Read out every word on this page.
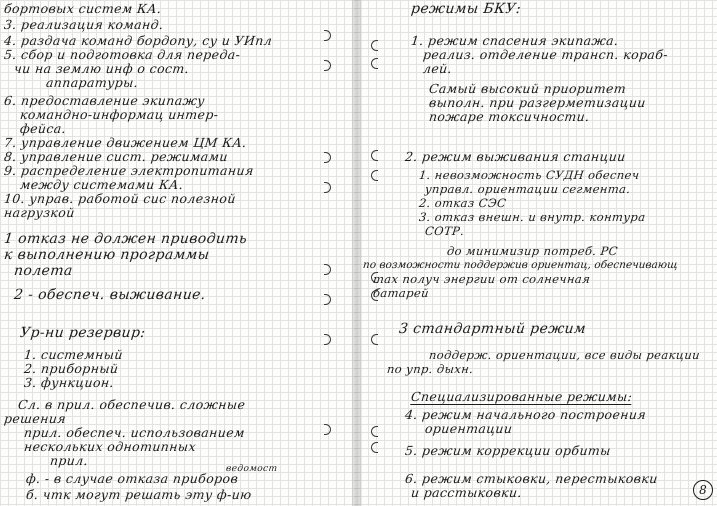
бортовых систем КА.
3. реализация команд.
4. раздача команд бордопу, су и УИпл
5. сбор и подготовка для переда-
чи на землю инф о сост.
аппаратуры.
6. предоставление экипажу
командно-информац интер-
фейса.
7. управление движением ЦМ КА.
8. управление сист. режимами
9. распределение электропитания
между системами КА.
10. управ. работой сис полезной
нагрузкой
1 отказ не должен приводить
к выполнению программы
полета
2 - обеспеч. выживание.
Ур-ни резервир:
1. системный
2. приборный
3. функцион.
Сл. в прил. обеспечив. сложные
решения
прил. обеспеч. использованием
нескольких однотипных
прил.
ведомост
ф. - в случае отказа приборов
б. чтк могут решать эту ф-ию
режимы БКУ:
1. режим спасения экипажа.
реализ. отделение трансп. кораб-
лей.
Самый высокий приоритет
выполн. при разгерметизации
пожаре токсичности.
2. режим выживания станции
1. невозможность СУДН обеспеч
управл. ориентации сегмента.
2. отказ СЭС
3. отказ внешн. и внутр. контура
СОТР.
до минимизир потреб. РС
по возможности поддержив ориентац, обеспечивающ
max получ энергии от солнечная
батарей
3 стандартный режим
поддерж. ориентации, все виды реакции
по упр. дыхн.
Специализированные режимы:
4. режим начального построения
ориентации
5. режим коррекции орбиты
6. режим стыковки, перестыковки
и расстыковки.	8
